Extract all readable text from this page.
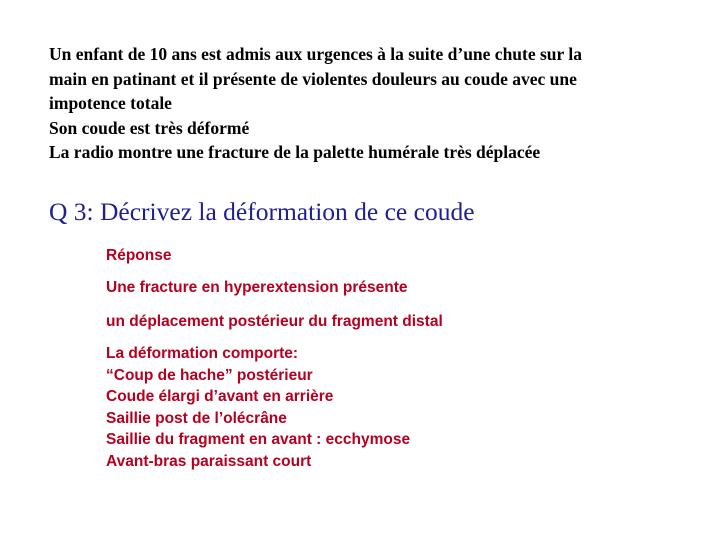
Un enfant de 10 ans est admis aux urgences à la suite d’une chute sur la
main en patinant et il présente de violentes douleurs au coude avec une
impotence totale
Son coude est très déformé
La radio montre une fracture de la palette humérale très déplacée
Q 3: Décrivez la déformation de ce coude
Réponse
Une fracture en hyperextension présente
un déplacement postérieur du fragment distal
La déformation comporte:
“Coup de hache” postérieur
Coude élargi d’avant en arrière
Saillie post de l’olécrâne
Saillie du fragment en avant : ecchymose
Avant-bras paraissant court
